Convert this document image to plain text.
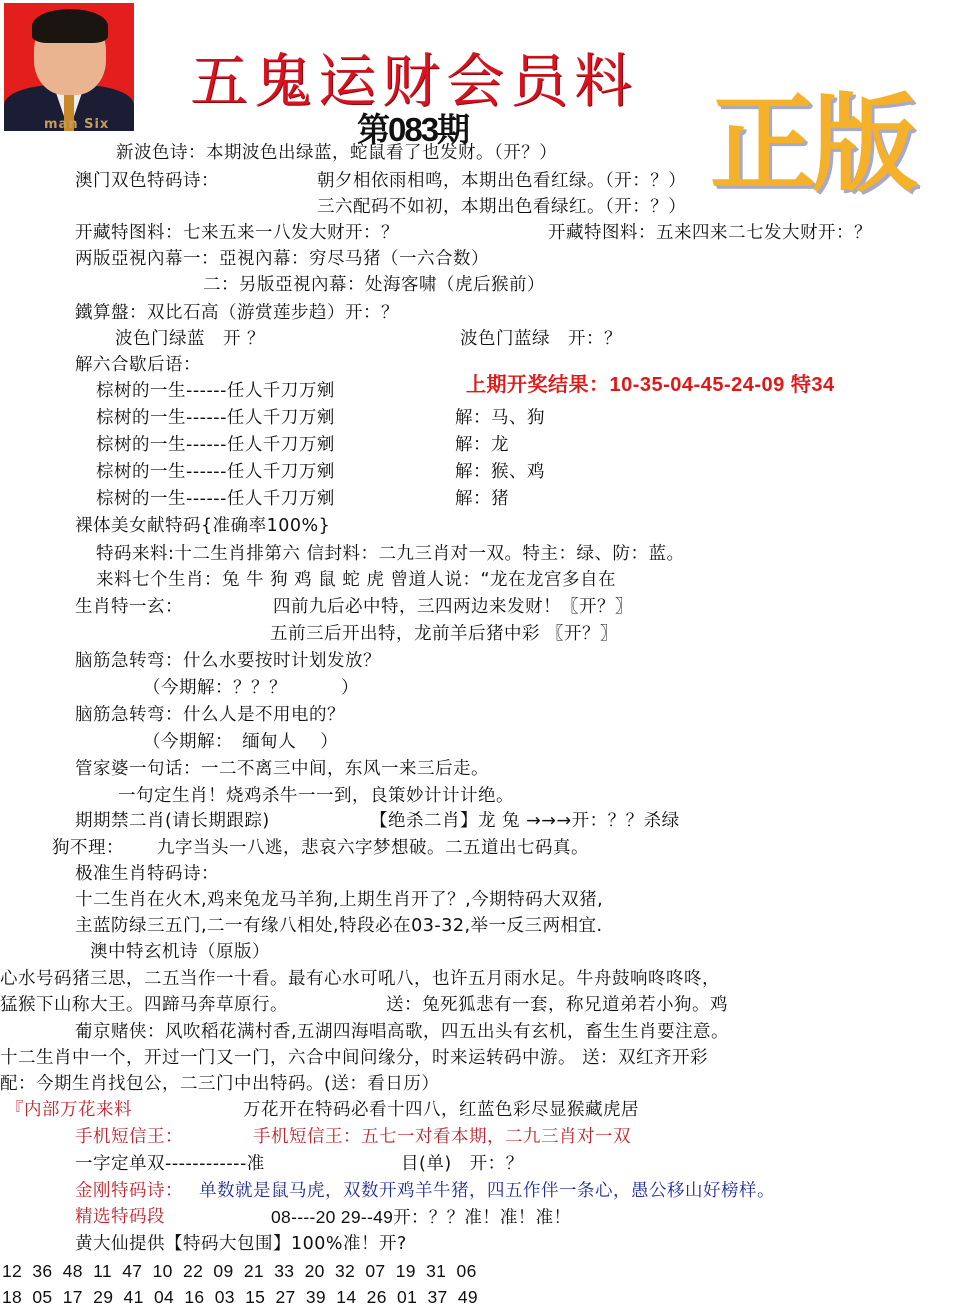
man Six
五鬼运财会员料
第083期 正版
新波色诗：本期波色出绿蓝，蛇鼠看了也发财。（开？）
澳门双色特码诗：	朝夕相依雨相鸣，本期出色看红绿。（开：？）
三六配码不如初，本期出色看绿红。（开：？）
开藏特图料：七来五来一八发大财开：？	开藏特图料：五来四来二七发大财开：？
两版亞視內幕一：亞視內幕：穷尽马猪（一六合数）
二：另版亞視內幕：处海客啸（虎后猴前）
鐵算盤：双比石高（游赏莲步趋）开：？
波色门绿蓝　开 ？	波色门蓝绿　开：？
解六合歇后语：
上期开奖结果：10-35-04-45-24-09 特34
棕树的一生------任人千刀万剜
棕树的一生------任人千刀万剜	解：马、狗
棕树的一生------任人千刀万剜	解：龙
棕树的一生------任人千刀万剜	解：猴、鸡
棕树的一生------任人千刀万剜	解：猪
裸体美女献特码{准确率100%}
特码来料:十二生肖排第六 信封料：二九三肖对一双。特主：绿、防：蓝。
来料七个生肖：兔 牛 狗 鸡 鼠 蛇 虎 曾道人说：“龙在龙宫多自在
生肖特一玄：	四前九后必中特，三四两边来发财！〖开？〗
五前三后开出特，龙前羊后猪中彩 〖开？〗
脑筋急转弯：什么水要按时计划发放？
（今期解：？？？　　　）
脑筋急转弯：什么人是不用电的？
（今期解：　缅甸人　 ）
管家婆一句话：一二不离三中间，东风一来三后走。
一句定生肖！烧鸡杀牛一一到，良策妙计计计绝。
期期禁二肖(请长期跟踪)	【绝杀二肖】龙 兔 →→→开：？？杀绿
狗不理： 九字当头一八逃，悲哀六字梦想破。二五道出七码真。
极准生肖特码诗：
十二生肖在火木,鸡来兔龙马羊狗,上期生肖开了？,今期特码大双猪,
主蓝防绿三五门,二一有缘八相处,特段必在03-32,举一反三两相宜.
澳中特玄机诗（原版）
心水号码猪三思，二五当作一十看。最有心水可吼八，也许五月雨水足。牛舟鼓响咚咚咚，
猛猴下山称大王。四蹄马奔草原行。	送：兔死狐悲有一套，称兄道弟若小狗。鸡
葡京赌侠：风吹稻花满村香,五湖四海唱高歌，四五出头有玄机，畜生生肖要注意。
十二生肖中一个，开过一门又一门，六合中间问缘分，时来运转码中游。 送：双红齐开彩
配：今期生肖找包公，二三门中出特码。(送：看日历）
『内部万花来料	万花开在特码必看十四八，红蓝色彩尽显猴藏虎居
手机短信王：	手机短信王：五七一对看本期，二九三肖对一双
一字定单双------------准	目(单)　开：？
金刚特码诗： 单数就是鼠马虎，双数开鸡羊牛猪，四五作伴一条心，愚公移山好榜样。
精选特码段	08----20 29--49开：？？准！准！准！
黄大仙提供【特码大包围】100%准！开?
12  36  48  11  47  10  22  09  21  33  20  32  07  19  31  06
18  05  17  29  41  04  16  03  15  27  39  14  26  01  37  49
